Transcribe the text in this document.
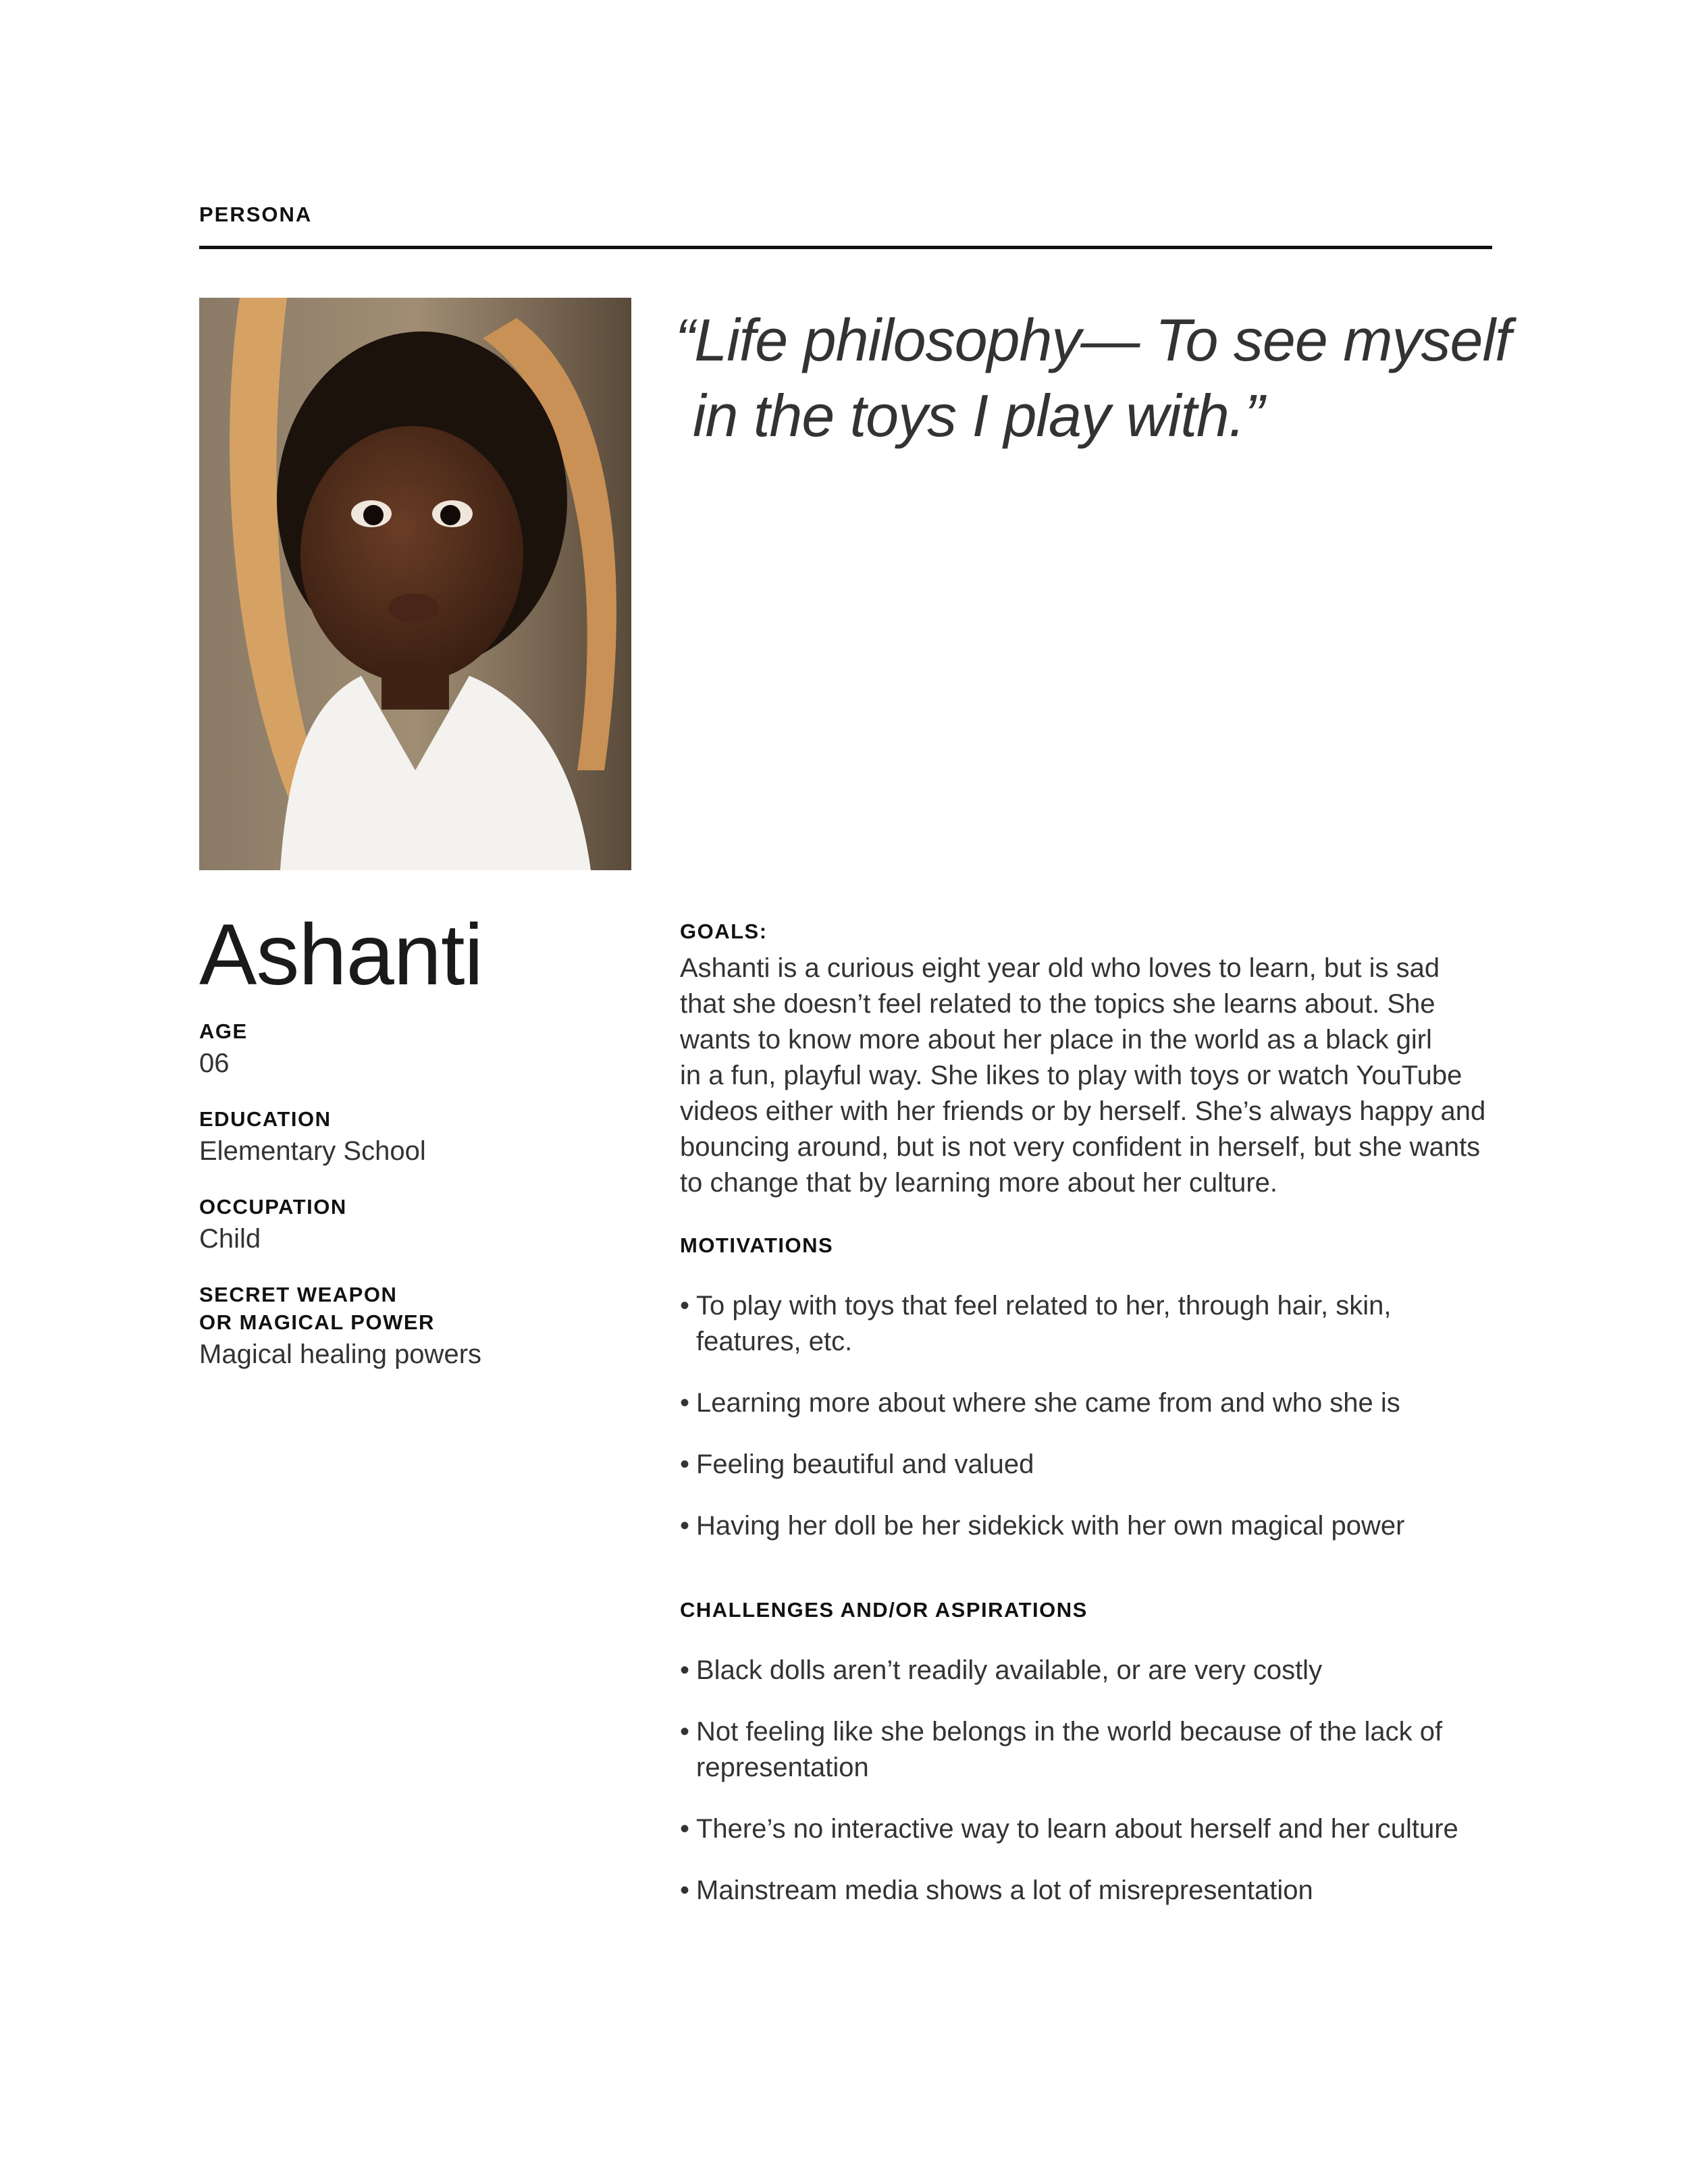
PERSONA
“Life philosophy— To see myself
in the toys I play with.”
Ashanti
AGE
06
EDUCATION
Elementary School
OCCUPATION
Child
SECRET WEAPON
OR MAGICAL POWER
Magical healing powers
GOALS:
Ashanti is a curious eight year old who loves to learn, but is sad
that she doesn’t feel related to the topics she learns about. She
wants to know more about her place in the world as a black girl
in a fun, playful way. She likes to play with toys or watch YouTube
videos either with her friends or by herself. She’s always happy and
bouncing around, but is not very confident in herself, but she wants
to change that by learning more about her culture.
MOTIVATIONS
• To play with toys that feel related to her, through hair, skin,
features, etc.
• Learning more about where she came from and who she is
• Feeling beautiful and valued
• Having her doll be her sidekick with her own magical power
CHALLENGES AND/OR ASPIRATIONS
• Black dolls aren’t readily available, or are very costly
• Not feeling like she belongs in the world because of the lack of
representation
• There’s no interactive way to learn about herself and her culture
• Mainstream media shows a lot of misrepresentation
